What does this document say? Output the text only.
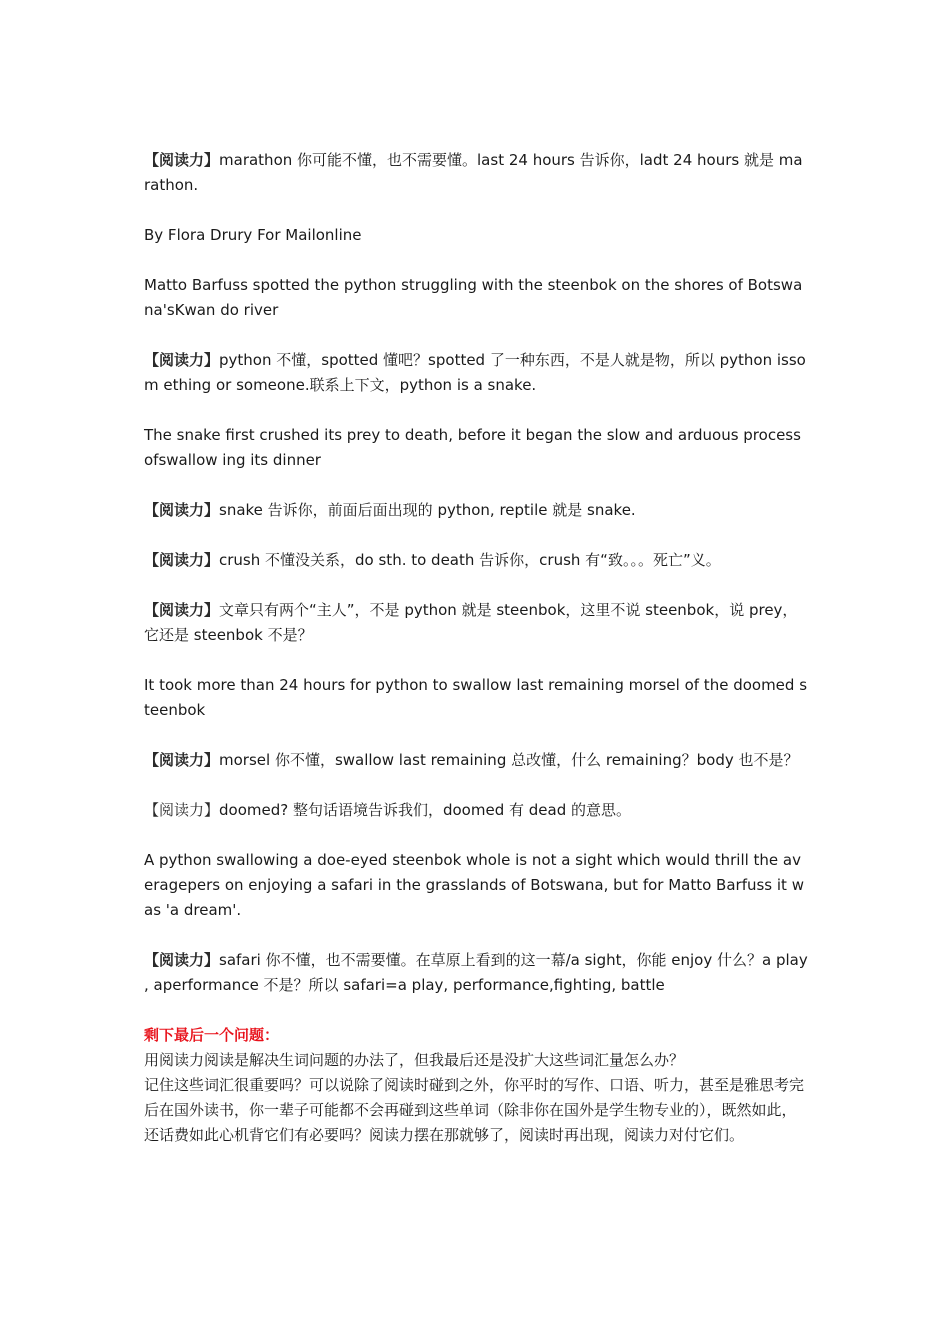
【阅读力】marathon 你可能不懂，也不需要懂。last 24 hours 告诉你，ladt 24 hours 就是 marathon.

By Flora Drury For Mailonline

Matto Barfuss spotted the python struggling with the steenbok on the shores of Botswana'sKwan do river

【阅读力】python 不懂，spotted 懂吧？spotted 了一种东西，不是人就是物，所以 python issom ething or someone.联系上下文，python is a snake.

The snake first crushed its prey to death, before it began the slow and arduous process ofswallow ing its dinner

【阅读力】snake 告诉你，前面后面出现的 python, reptile 就是 snake.

【阅读力】crush 不懂没关系，do sth. to death 告诉你，crush 有“致。。。死亡”义。

【阅读力】文章只有两个“主人”，不是 python 就是 steenbok，这里不说 steenbok，说 prey，它还是 steenbok 不是？

It took more than 24 hours for python to swallow last remaining morsel of the doomed steenbok

【阅读力】morsel 你不懂，swallow last remaining 总改懂，什么 remaining？body 也不是？

【阅读力】doomed? 整句话语境告诉我们，doomed 有 dead 的意思。

A python swallowing a doe-eyed steenbok whole is not a sight which would thrill the averagepers on enjoying a safari in the grasslands of Botswana, but for Matto Barfuss it was 'a dream'.

【阅读力】safari 你不懂，也不需要懂。在草原上看到的这一幕/a sight，你能 enjoy 什么？a play , aperformance 不是？所以 safari=a play, performance,fighting, battle

剩下最后一个问题：

用阅读力阅读是解决生词问题的办法了，但我最后还是没扩大这些词汇量怎么办？

记住这些词汇很重要吗？可以说除了阅读时碰到之外，你平时的写作、口语、听力，甚至是雅思考完后在国外读书，你一辈子可能都不会再碰到这些单词（除非你在国外是学生物专业的），既然如此，还话费如此心机背它们有必要吗？阅读力摆在那就够了，阅读时再出现，阅读力对付它们。
